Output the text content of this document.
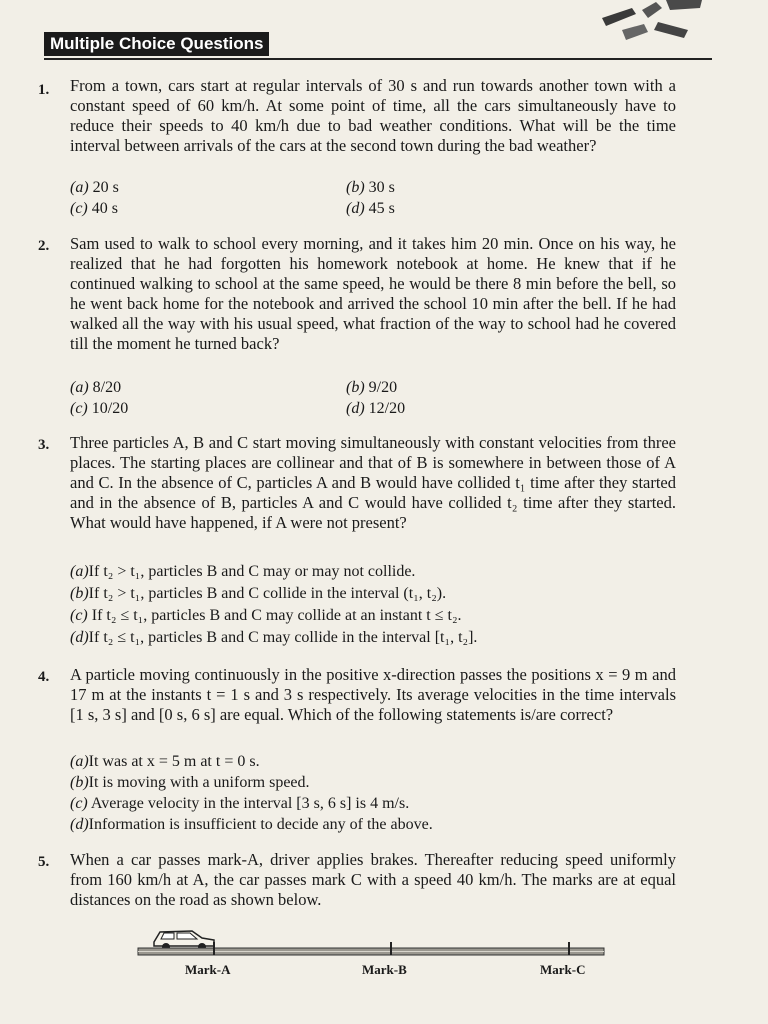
Multiple Choice Questions
1. From a town, cars start at regular intervals of 30 s and run towards another town with a constant speed of 60 km/h. At some point of time, all the cars simultaneously have to reduce their speeds to 40 km/h due to bad weather conditions. What will be the time interval between arrivals of the cars at the second town during the bad weather?
(a) 20 s	(b) 30 s
(c) 40 s	(d) 45 s
2. Sam used to walk to school every morning, and it takes him 20 min. Once on his way, he realized that he had forgotten his homework notebook at home. He knew that if he continued walking to school at the same speed, he would be there 8 min before the bell, so he went back home for the notebook and arrived the school 10 min after the bell. If he had walked all the way with his usual speed, what fraction of the way to school had he covered till the moment he turned back?
(a) 8/20	(b) 9/20
(c) 10/20	(d) 12/20
3. Three particles A, B and C start moving simultaneously with constant velocities from three places. The starting places are collinear and that of B is somewhere in between those of A and C. In the absence of C, particles A and B would have collided t₁ time after they started and in the absence of B, particles A and C would have collided t₂ time after they started. What would have happened, if A were not present?
(a)If t₂ > t₁, particles B and C may or may not collide.
(b)If t₂ > t₁, particles B and C collide in the interval (t₁, t₂).
(c) If t₂ ≤ t₁, particles B and C may collide at an instant t ≤ t₂.
(d)If t₂ ≤ t₁, particles B and C may collide in the interval [t₁, t₂].
4. A particle moving continuously in the positive x-direction passes the positions x = 9 m and 17 m at the instants t = 1 s and 3 s respectively. Its average velocities in the time intervals [1 s, 3 s] and [0 s, 6 s] are equal. Which of the following statements is/are correct?
(a)It was at x = 5 m at t = 0 s.
(b)It is moving with a uniform speed.
(c) Average velocity in the interval [3 s, 6 s] is 4 m/s.
(d)Information is insufficient to decide any of the above.
5. When a car passes mark-A, driver applies brakes. Thereafter reducing speed uniformly from 160 km/h at A, the car passes mark C with a speed 40 km/h. The marks are at equal distances on the road as shown below.
Mark-A	Mark-B	Mark-C
